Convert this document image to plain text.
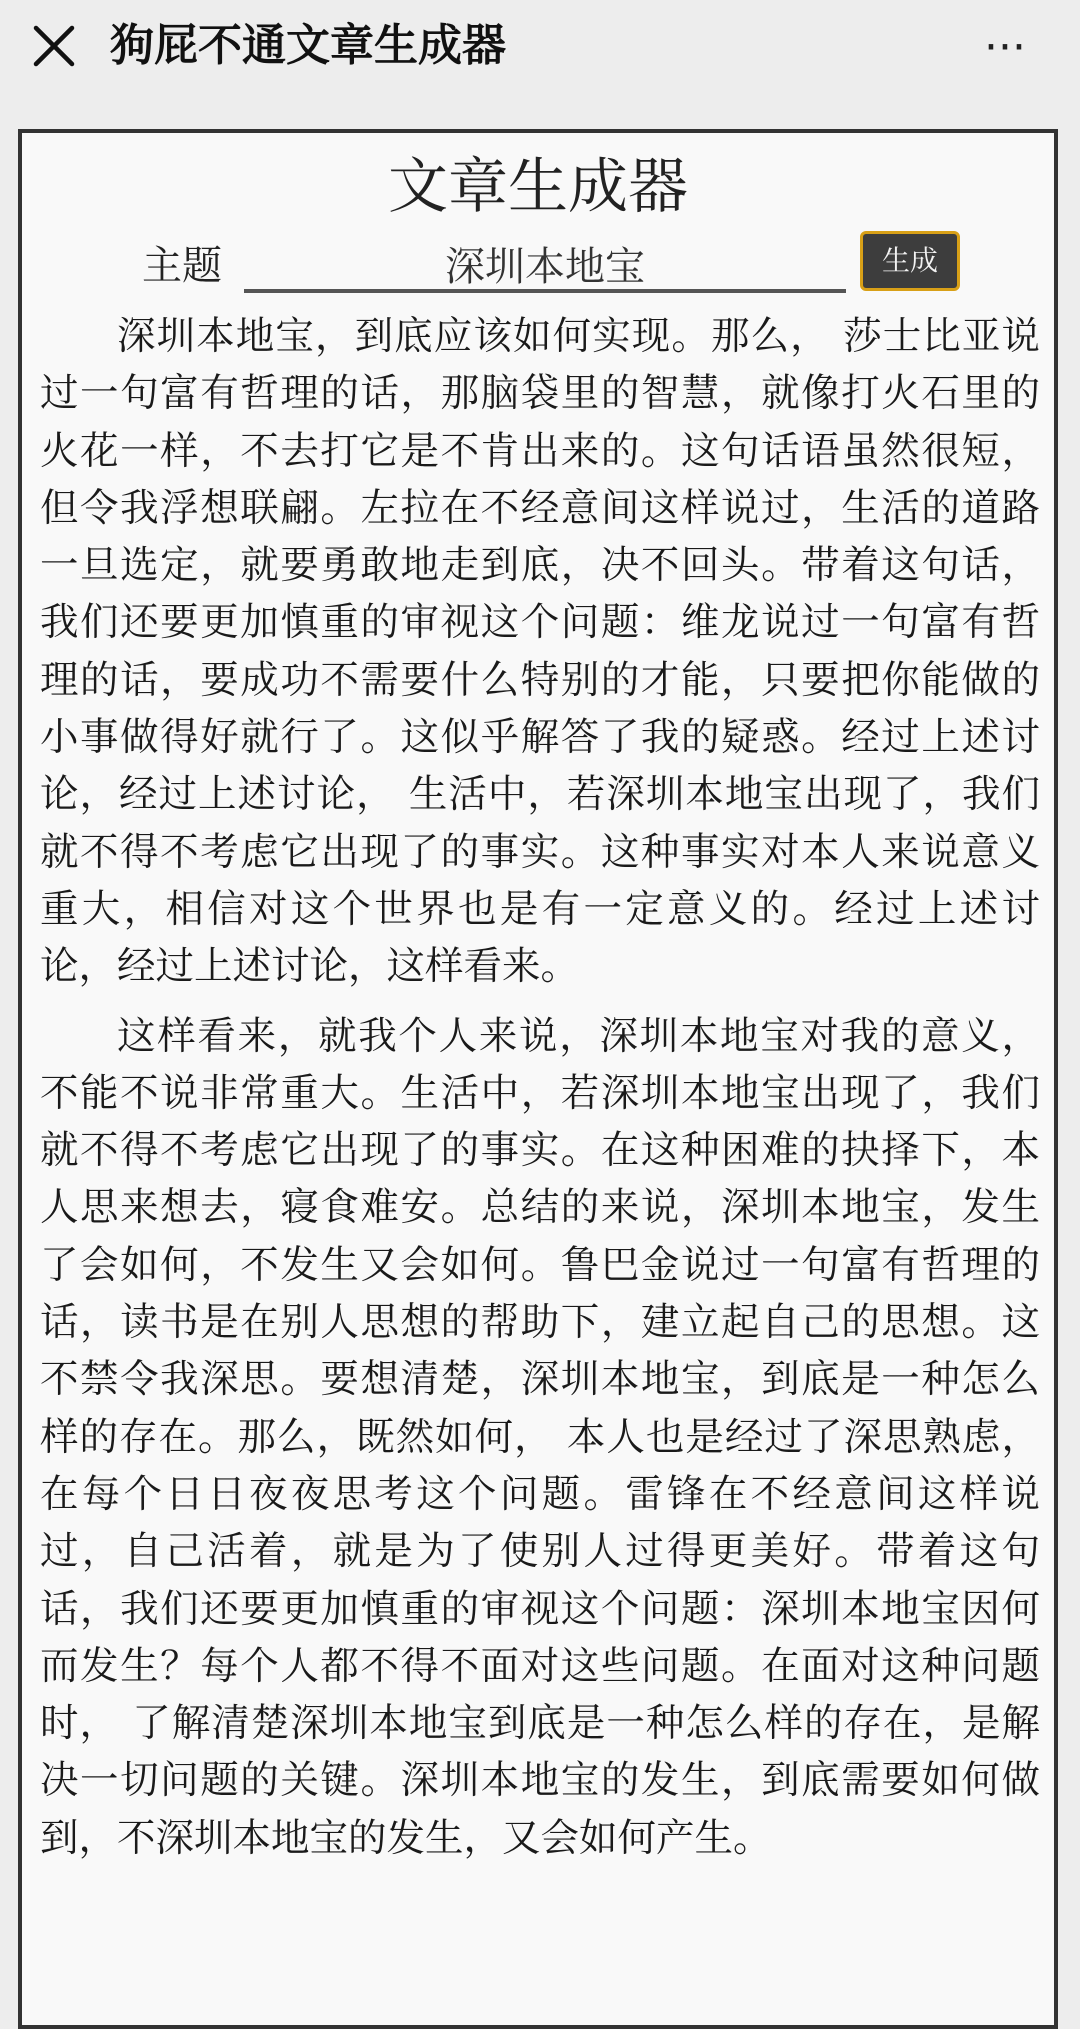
狗屁不通文章生成器	···
文章生成器
主题
深圳本地宝	生成

深圳本地宝，到底应该如何实现。那么， 莎士比亚说过一句富有哲理的话，那脑袋里的智慧，就像打火石里的火花一样，不去打它是不肯出来的。这句话语虽然很短，但令我浮想联翩。左拉在不经意间这样说过，生活的道路一旦选定，就要勇敢地走到底，决不回头。带着这句话，我们还要更加慎重的审视这个问题：维龙说过一句富有哲理的话，要成功不需要什么特别的才能，只要把你能做的小事做得好就行了。这似乎解答了我的疑惑。经过上述讨论，经过上述讨论， 生活中，若深圳本地宝出现了，我们就不得不考虑它出现了的事实。这种事实对本人来说意义重大，相信对这个世界也是有一定意义的。经过上述讨论，经过上述讨论，这样看来。

这样看来，就我个人来说，深圳本地宝对我的意义，不能不说非常重大。生活中，若深圳本地宝出现了，我们就不得不考虑它出现了的事实。在这种困难的抉择下，本人思来想去，寝食难安。总结的来说，深圳本地宝，发生了会如何，不发生又会如何。鲁巴金说过一句富有哲理的话，读书是在别人思想的帮助下，建立起自己的思想。这不禁令我深思。要想清楚，深圳本地宝，到底是一种怎么样的存在。那么，既然如何， 本人也是经过了深思熟虑，在每个日日夜夜思考这个问题。雷锋在不经意间这样说过，自己活着，就是为了使别人过得更美好。带着这句话，我们还要更加慎重的审视这个问题：深圳本地宝因何而发生？每个人都不得不面对这些问题。在面对这种问题时， 了解清楚深圳本地宝到底是一种怎么样的存在，是解决一切问题的关键。深圳本地宝的发生，到底需要如何做到，不深圳本地宝的发生，又会如何产生。
